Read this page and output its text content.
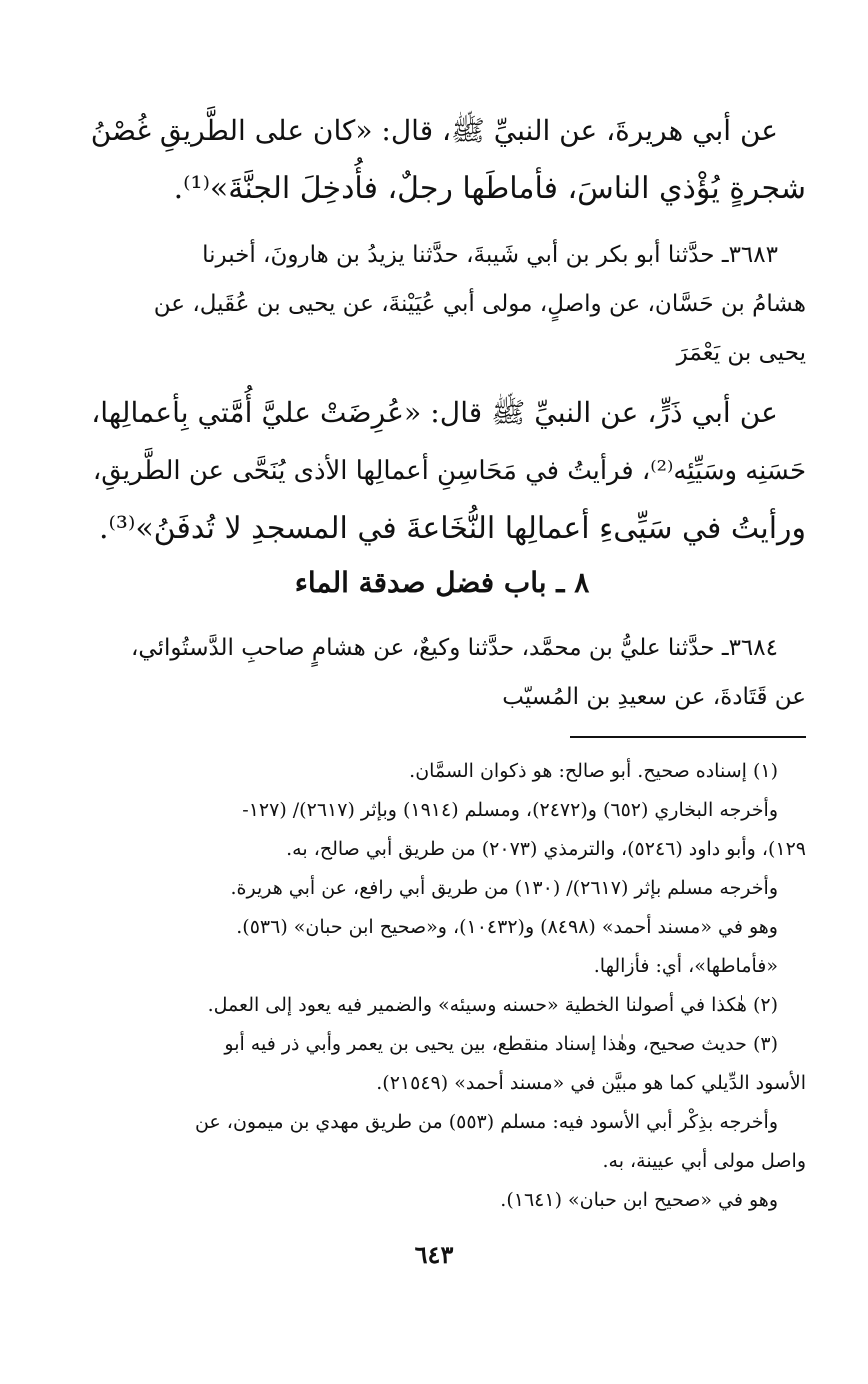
عن أبي هريرةَ، عن النبيِّ ﷺ، قال: «كان على الطَّريقِ غُصْنُ
شجرةٍ يُؤْذي الناسَ، فأماطَها رجلٌ، فأُدخِلَ الجنَّةَ»⁽¹⁾.
٣٦٨٣ـ حدَّثنا أبو بكر بن أبي شَيبةَ، حدَّثنا يزيدُ بن هارونَ، أخبرنا
هشامُ بن حَسَّان، عن واصلٍ، مولى أبي عُيَيْنةَ، عن يحيى بن عُقَيل، عن
يحيى بن يَعْمَرَ
عن أبي ذَرٍّ، عن النبيِّ ﷺ قال: «عُرِضَتْ عليَّ أُمَّتي بِأعمالِها،
حَسَنِه وسَيِّئِه⁽²⁾، فرأيتُ في مَحَاسِنِ أعمالِها الأذى يُنَحَّى عن الطَّريقِ،
ورأيتُ في سَيِّىءِ أعمالِها النُّخَاعةَ في المسجدِ لا تُدفَنُ»⁽³⁾.
٨ ـ باب فضل صدقة الماء
٣٦٨٤ـ حدَّثنا عليُّ بن محمَّد، حدَّثنا وكيعٌ، عن هشامٍ صاحبِ الدَّستُوائي،
عن قَتَادةَ، عن سعيدِ بن المُسيّب
(١) إسناده صحيح. أبو صالح: هو ذكوان السمَّان.
وأخرجه البخاري (٦٥٢) و(٢٤٧٢)، ومسلم (١٩١٤) وبإثر (٢٦١٧)/ (١٢٧-
١٢٩)، وأبو داود (٥٢٤٦)، والترمذي (٢٠٧٣) من طريق أبي صالح، به.
وأخرجه مسلم بإثر (٢٦١٧)/ (١٣٠) من طريق أبي رافع، عن أبي هريرة.
وهو في «مسند أحمد» (٨٤٩٨) و(١٠٤٣٢)، و«صحيح ابن حبان» (٥٣٦).
«فأماطها»، أي: فأزالها.
(٢) هٰكذا في أصولنا الخطية «حسنه وسيئه» والضمير فيه يعود إلى العمل.
(٣) حديث صحيح، وهٰذا إسناد منقطع، بين يحيى بن يعمر وأبي ذر فيه أبو
الأسود الدِّيلي كما هو مبيَّن في «مسند أحمد» (٢١٥٤٩).
وأخرجه بذِكْر أبي الأسود فيه: مسلم (٥٥٣) من طريق مهدي بن ميمون، عن
واصل مولى أبي عيينة، به.
وهو في «صحيح ابن حبان» (١٦٤١).
٦٤٣
